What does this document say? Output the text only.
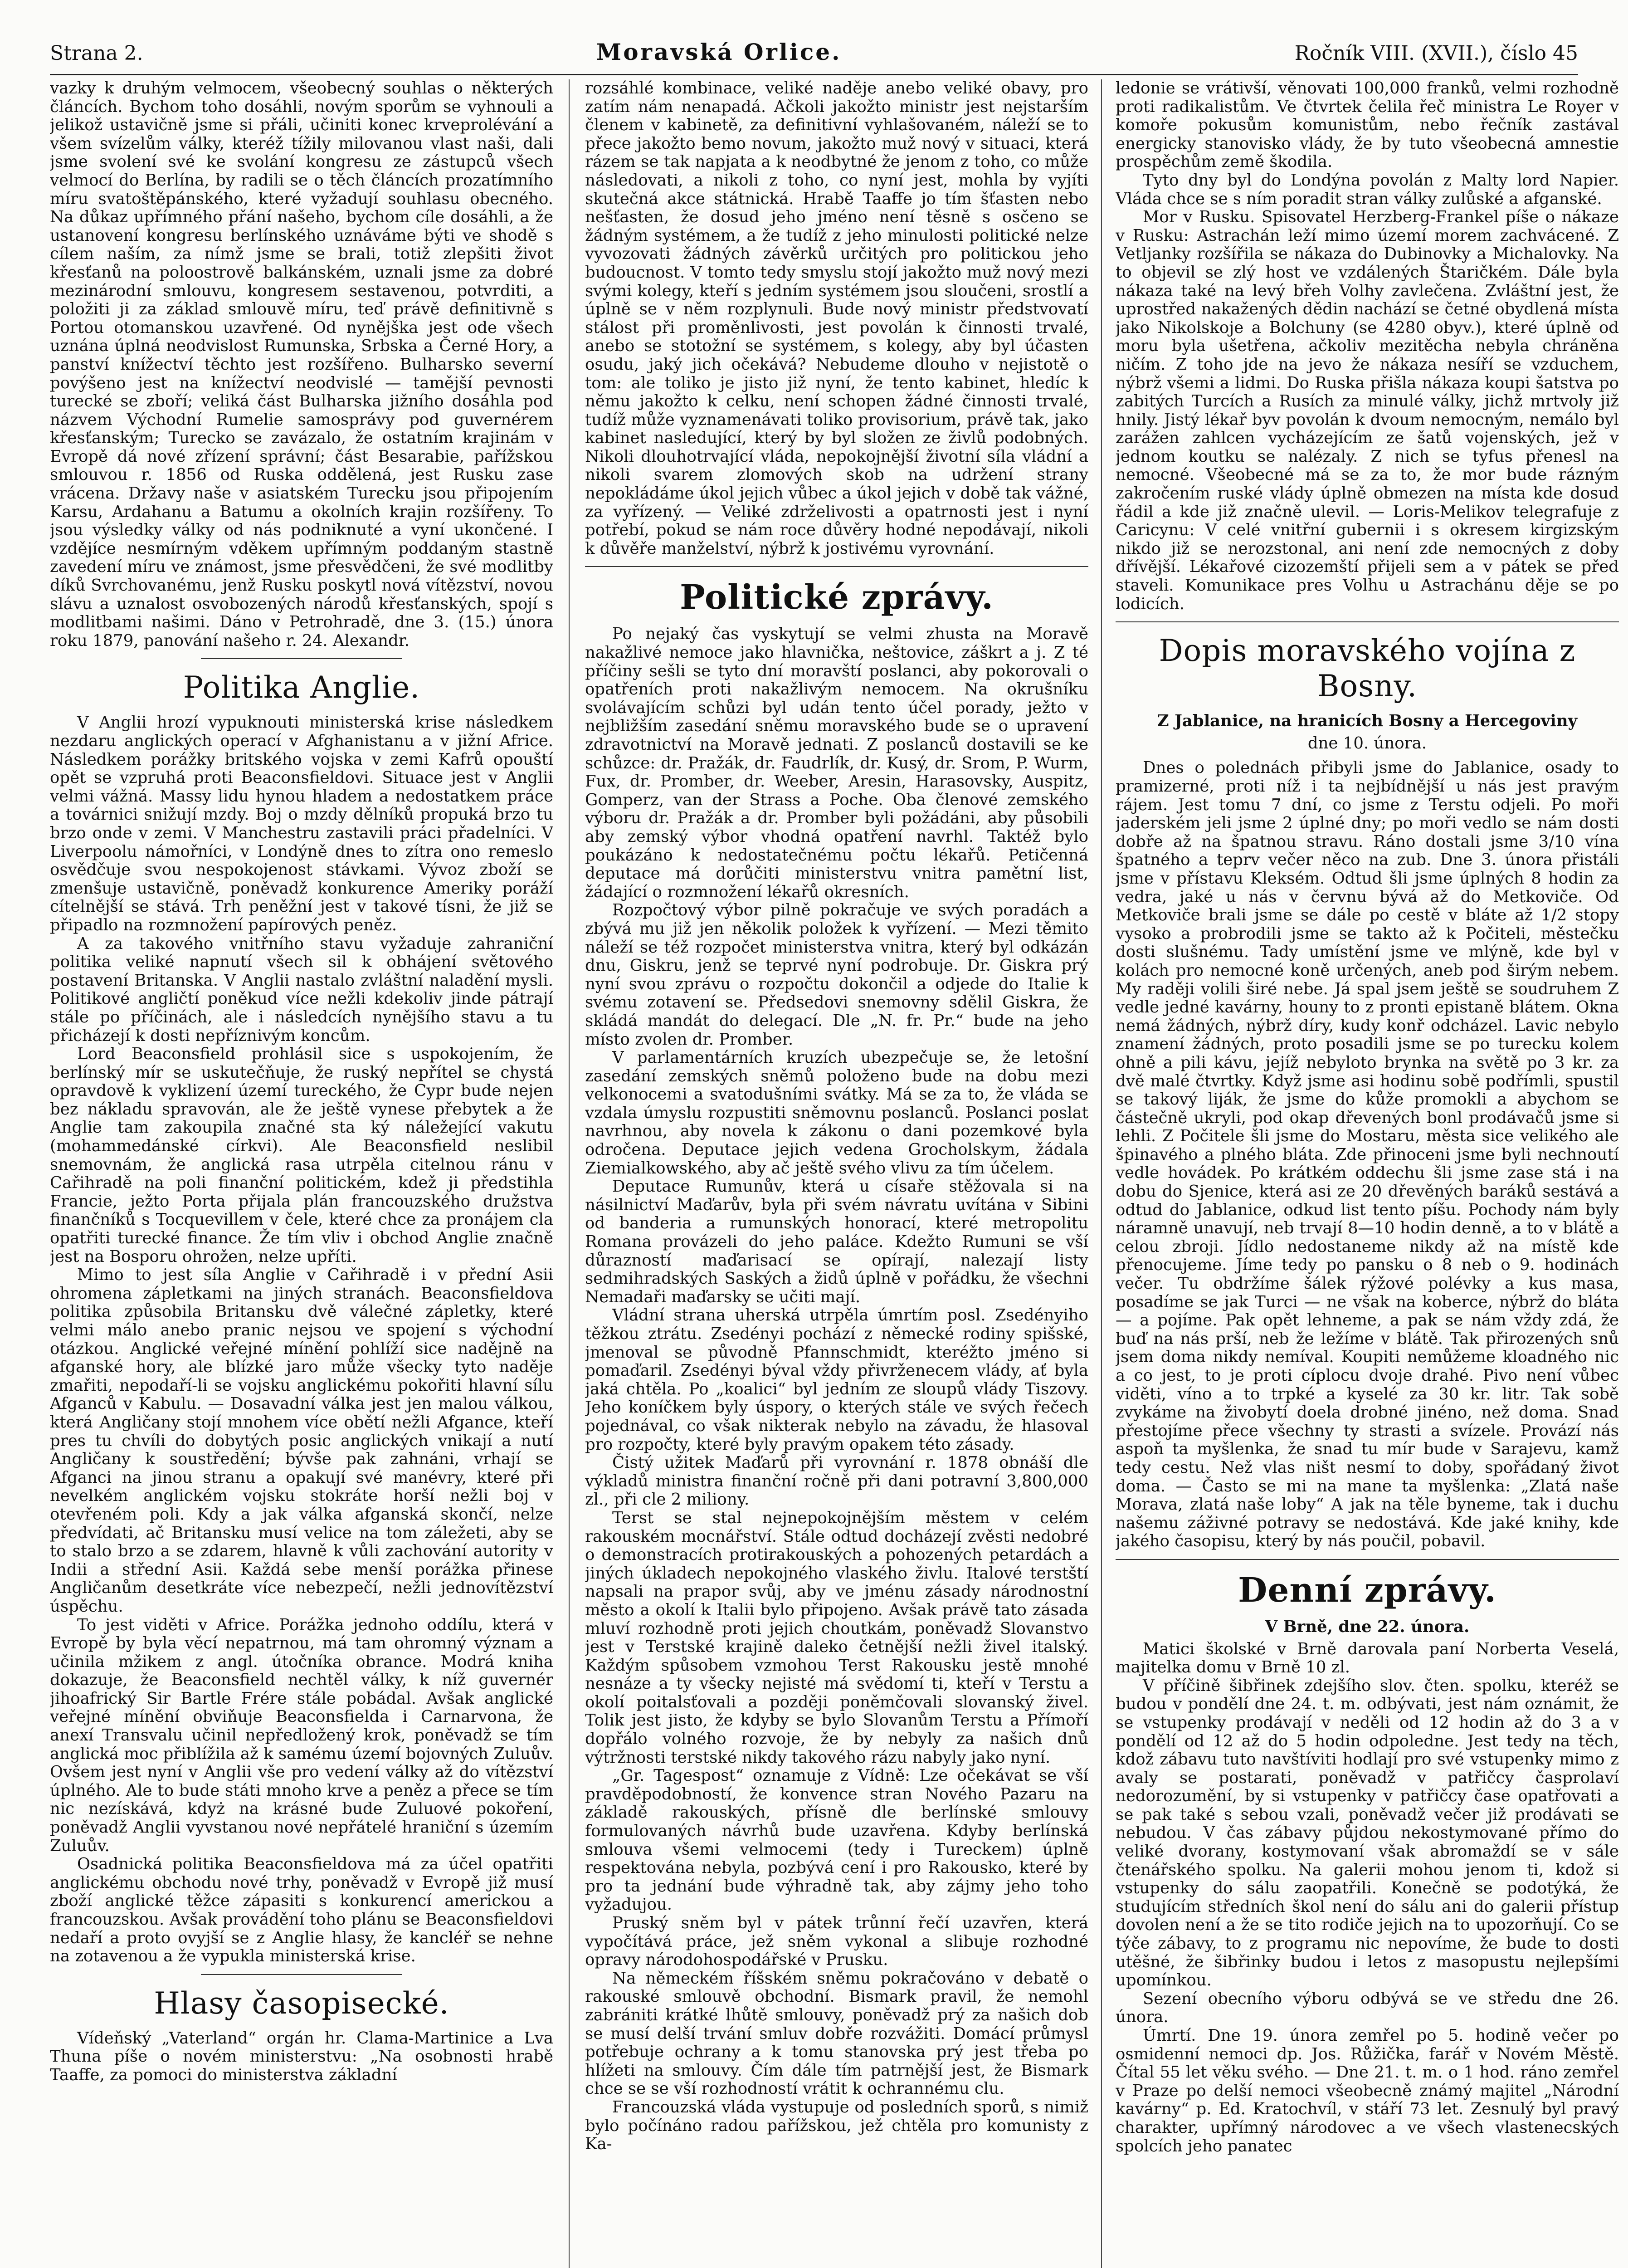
Strana 2.	Moravská Orlice.	Ročník VIII. (XVII.), číslo 45

vazky k druhým velmocem, všeobecný souhlas o některých článcích. Bychom toho dosáhli, novým sporům se vyhnouli a jelikož ustavičně jsme si přáli, učiniti konec krveprolévání a všem svízelům války, kteréž tížily milovanou vlast naši, dali jsme svolení své ke svolání kongresu ze zástupců všech velmocí do Berlína, by radili se o těch článcích prozatímního míru svatoštěpánského, které vyžadují souhlasu obecného. Na důkaz upřímného přání našeho, bychom cíle dosáhli, a že ustanovení kongresu berlínského uznáváme býti ve shodě s cílem naším, za nímž jsme se brali, totiž zlepšiti život křesťanů na poloostrově balkánském, uznali jsme za dobré mezinárodní smlouvu, kongresem sestavenou, potvrditi, a položiti ji za základ smlouvě míru, teď právě definitivně s Portou otomanskou uzavřené. Od nynějška jest ode všech uznána úplná neodvislost Rumunska, Srbska a Černé Hory, a panství knížectví těchto jest rozšířeno. Bulharsko severní povýšeno jest na knížectví neodvislé — tamější pevnosti turecké se zboří; veliká část Bulharska jižního dosáhla pod názvem Východní Rumelie samosprávy pod guvernérem křesťanským; Turecko se zavázalo, že ostatním krajinám v Evropě dá nové zřízení správní; část Besarabie, pařížskou smlouvou r. 1856 od Ruska oddělená, jest Rusku zase vrácena. Državy naše v asiatském Turecku jsou připojením Karsu, Ardahanu a Batumu a okolních krajin rozšířeny. To jsou výsledky války od nás podniknuté a vyní ukončené. I vzdějíce nesmírným vděkem upřímným poddaným stastně zavedení míru ve známost, jsme přesvědčeni, že své modlitby díků Svrchovanému, jenž Rusku poskytl nová vítězství, novou slávu a uznalost osvobozených národů křesťanských, spojí s modlitbami našimi. Dáno v Petrohradě, dne 3. (15.) února roku 1879, panování našeho r. 24. Alexandr.

Politika Anglie.

V Anglii hrozí vypuknouti ministerská krise následkem nezdaru anglických operací v Afghanistanu a v jižní Africe. Následkem porážky britského vojska v zemi Kafrů opouští opět se vzpruhá proti Beaconsfieldovi. Situace jest v Anglii velmi vážná. Massy lidu hynou hladem a nedostatkem práce a továrnici snižují mzdy. Boj o mzdy dělníků propuká brzo tu brzo onde v zemi. V Manchestru zastavili práci přadelníci. V Liverpoolu námořníci, v Londýně dnes to zítra ono remeslo osvědčuje svou nespokojenost stávkami. Vývoz zboží se zmenšuje ustavičně, poněvadž konkurence Ameriky poráží cítelnější se stává. Trh peněžní jest v takové tísni, že již se připadlo na rozmnožení papírových peněz.

A za takového vnitřního stavu vyžaduje zahraniční politika veliké napnutí všech sil k obhájení světového postavení Britanska. V Anglii nastalo zvláštní naladění mysli. Politikové angličtí poněkud více nežli kdekoliv jinde pátrají stále po příčinách, ale i následcích nynějšího stavu a tu přicházejí k dosti nepříznivým koncům.

Lord Beaconsfield prohlásil sice s uspokojením, že berlínský mír se uskutečňuje, že ruský nepřítel se chystá opravdově k vyklizení území tureckého, že Cypr bude nejen bez nákladu spravován, ale že ještě vynese přebytek a že Anglie tam zakoupila značné sta ký náležející vakutu (mohammedánské církvi). Ale Beaconsfield neslibil snemovnám, že anglická rasa utrpěla citelnou ránu v Cařihradě na poli finanční politickém, kdež ji předstihla Francie, ježto Porta přijala plán francouzského družstva finančníků s Tocquevillem v čele, které chce za pronájem cla opatřiti turecké finance. Že tím vliv i obchod Anglie značně jest na Bosporu ohrožen, nelze upříti.

Mimo to jest síla Anglie v Cařihradě i v přední Asii ohromena zápletkami na jiných stranách. Beaconsfieldova politika způsobila Britansku dvě válečné zápletky, které velmi málo anebo pranic nejsou ve spojení s východní otázkou. Anglické veřejné mínění pohlíží sice nadějně na afganské hory, ale blízké jaro může všecky tyto naděje zmařiti, nepodaří-li se vojsku anglickému pokořiti hlavní sílu Afganců v Kabulu. — Dosavadní válka jest jen malou válkou, která Angličany stojí mnohem více obětí nežli Afgance, kteří pres tu chvíli do dobytých posic anglických vnikají a nutí Angličany k soustředění; bývše pak zahnáni, vrhají se Afganci na jinou stranu a opakují své manévry, které při nevelkém anglickém vojsku stokráte horší nežli boj v otevřeném poli. Kdy a jak válka afganská skončí, nelze předvídati, ač Britansku musí velice na tom záležeti, aby se to stalo brzo a se zdarem, hlavně k vůli zachování autority v Indii a střední Asii. Každá sebe menší porážka přinese Angličanům desetkráte více nebezpečí, nežli jednovítězství úspěchu.

To jest viděti v Africe. Porážka jednoho oddílu, která v Evropě by byla věcí nepatrnou, má tam ohromný význam a učinila mžikem z angl. útočníka obrance. Modrá kniha dokazuje, že Beaconsfield nechtěl války, k níž guvernér jihoafrický Sir Bartle Frére stále pobádal. Avšak anglické veřejné mínění obviňuje Beaconsfielda i Carnarvona, že anexí Transvalu učinil nepředložený krok, poněvadž se tím anglická moc přiblížila až k samému území bojovných Zuluův. Ovšem jest nyní v Anglii vše pro vedení války až do vítězství úplného. Ale to bude státi mnoho krve a peněz a přece se tím nic nezískává, kdyż na krásné bude Zuluové pokoření, poněvadž Anglii vyvstanou nové nepřátelé hraniční s územím Zuluův.

Osadnická politika Beaconsfieldova má za účel opatřiti anglickému obchodu nové trhy, poněvadž v Evropě již musí zboží anglické těžce zápasiti s konkurencí americkou a francouzskou. Avšak provádění toho plánu se Beaconsfieldovi nedaří a proto ovyjší se z Anglie hlasy, že kancléř se nehne na zotavenou a že vypukla ministerská krise.

Hlasy časopisecké.

Vídeňský „Vaterland“ orgán hr. Clama-Martinice a Lva Thuna píše o novém ministerstvu: „Na osobnosti hrabě Taaffe, za pomoci do ministerstva základní

rozsáhlé kombinace, veliké naděje anebo veliké obavy, pro zatím nám nenapadá. Ačkoli jakožto ministr jest nejstarším členem v kabinetě, za definitivní vyhlašovaném, náleží se to přece jakožto bemo novum, jakožto muž nový v situaci, která rázem se tak napjata a k neodbytné že jenom z toho, co může následovati, a nikoli z toho, co nyní jest, mohla by vyjíti skutečná akce státnická. Hrabě Taaffe jo tím šťasten nebo nešťasten, že dosud jeho jméno není těsně s osčeno se žádným systémem, a že tudíž z jeho minulosti politické nelze vyvozovati žádných závěrků určitých pro politickou jeho budoucnost. V tomto tedy smyslu stojí jakožto muž nový mezi svými kolegy, kteří s jedním systémem jsou sloučeni, srostlí a úplně se v něm rozplynuli. Bude nový ministr předstvovatí stálost při proměnlivosti, jest povolán k činnosti trvalé, anebo se stotožní se systémem, s kolegy, aby byl účasten osudu, jaký jich očekává? Nebudeme dlouho v nejistotě o tom: ale toliko je jisto již nyní, že tento kabinet, hledíc k němu jakožto k celku, není schopen žádné činnosti trvalé, tudíž může vyznamenávati toliko provisorium, právě tak, jako kabinet nasledující, který by byl složen ze živlů podobných. Nikoli dlouhotrvající vláda, nepokojnější životní síla vládní a nikoli svarem zlomových skob na udržení strany nepokládáme úkol jejich vůbec a úkol jejich v době tak vážné, za vyřízený. — Veliké zdrželivosti a opatrnosti jest i nyní potřebí, pokud se nám roce důvěry hodné nepodávají, nikoli k důvěře manželství, nýbrž k jostivému vyrovnání.

Politické zprávy.

Po nejaký čas vyskytují se velmi zhusta na Moravě nakažlivé nemoce jako hlavnička, neštovice, záškrt a j. Z té příčiny sešli se tyto dní moravští poslanci, aby pokorovali o opatřeních proti nakažlivým nemocem. Na okrušníku svolávajícím schůzi byl udán tento účel porady, ježto v nejbližším zasedání sněmu moravského bude se o upravení zdravotnictví na Moravě jednati. Z poslanců dostavili se ke schůzce: dr. Pražák, dr. Faudrlík, dr. Kusý, dr. Srom, P. Wurm, Fux, dr. Promber, dr. Weeber, Aresin, Harasovsky, Auspitz, Gomperz, van der Strass a Poche. Oba členové zemského výboru dr. Pražák a dr. Promber byli požádáni, aby působili aby zemský výbor vhodná opatření navrhl. Taktéž bylo poukázáno k nedostatečnému počtu lékařů. Petičenná deputace má dorůčiti ministerstvu vnitra pamětní list, žádající o rozmnožení lékařů okresních.

Rozpočtový výbor pilně pokračuje ve svých poradách a zbývá mu již jen několik položek k vyřízení. — Mezi těmito náleží se též rozpočet ministerstva vnitra, který byl odkázán dnu, Giskru, jenž se teprvé nyní podrobuje. Dr. Giskra prý nyní svou zprávu o rozpočtu dokončil a odjede do Italie k svému zotavení se. Předsedovi snemovny sdělil Giskra, že skládá mandát do delegací. Dle „N. fr. Pr.“ bude na jeho místo zvolen dr. Promber.

V parlamentárních kruzích ubezpečuje se, že letošní zasedání zemských sněmů položeno bude na dobu mezi velkonocemi a svatodušními svátky. Má se za to, že vláda se vzdala úmyslu rozpustiti sněmovnu poslanců. Poslanci poslat navrhnou, aby novela k zákonu o dani pozemkové byla odročena. Deputace jejich vedena Grocholskym, žádala Ziemialkowského, aby ač ještě svého vlivu za tím účelem.

Deputace Rumunův, která u císaře stěžovala si na násilnictví Maďarův, byla při svém návratu uvítána v Sibini od banderia a rumunských honorací, které metropolitu Romana provázeli do jeho paláce. Kdežto Rumuni se vší důrazností maďarisací se opírají, nalezají listy sedmihradských Saských a židů úplně v pořádku, že všechni Nemadaři maďarsky se učiti mají.

Vládní strana uherská utrpěla úmrtím posl. Zsedényiho těžkou ztrátu. Zsedényi pochází z německé rodiny spišské, jmenoval se původně Pfannschmidt, kteréžto jméno si pomaďaril. Zsedényi býval vždy přivrženecem vlády, ať byla jaká chtěla. Po „koalici“ byl jedním ze sloupů vlády Tiszovy. Jeho koníčkem byly úspory, o kterých stále ve svých řečech pojednával, co však nikterak nebylo na závadu, že hlasoval pro rozpočty, které byly pravým opakem této zásady.

Čistý užitek Maďarů při vyrovnání r. 1878 obnáší dle výkladů ministra finanční ročně při dani potravní 3,800,000 zl., při cle 2 miliony.

Terst se stal nejnepokojnějším městem v celém rakouském mocnářství. Stále odtud docházejí zvěsti nedobré o demonstracích protirakouských a pohozených petardách a jiných úkladech nepokojného vlaského živlu. Italové terstští napsali na prapor svůj, aby ve jménu zásady národnostní město a okolí k Italii bylo připojeno. Avšak právě tato zásada mluví rozhodně proti jejich choutkám, poněvadž Slovanstvo jest v Terstské krajině daleko četnější nežli živel italský. Každým spůsobem vzmohou Terst Rakousku jestě mnohé nesnáze a ty všecky nejisté má svědomí ti, kteří v Terstu a okolí poitalsťovali a později poněmčovali slovanský živel. Tolik jest jisto, že kdyby se bylo Slovanům Terstu a Přímoří dopřálo volného rozvoje, že by nebyly za našich dnů výtržnosti terstské nikdy takového rázu nabyly jako nyní.

„Gr. Tagespost“ oznamuje z Vídně: Lze očekávat se vší pravděpodobností, že konvence stran Nového Pazaru na základě rakouských, přísně dle berlínské smlouvy formulovaných návrhů bude uzavřena. Kdyby berlínská smlouva všemi velmocemi (tedy i Tureckem) úplně respektována nebyla, pozbývá cení i pro Rakousko, které by pro ta jednání bude výhradně tak, aby zájmy jeho toho vyžadujou.

Pruský sněm byl v pátek trůnní řečí uzavřen, která vypočítává práce, jež sněm vykonal a slibuje rozhodné opravy národohospodářské v Prusku.

Na německém říšském sněmu pokračováno v debatě o rakouské smlouvě obchodní. Bismark pravil, že nemohl zabrániti krátké lhůtě smlouvy, poněvadž prý za našich dob se musí delší trvání smluv dobře rozvážiti. Domácí průmysl potřebuje ochrany a k tomu stanovska prý jest třeba po hlížeti na smlouvy. Čím dále tím patrnější jest, že Bismark chce se se vší rozhodností vrátit k ochrannému clu.

Francouzská vláda vystupuje od posledních sporů, s nimiž bylo počínáno radou pařížskou, jež chtěla pro komunisty z Ka-

ledonie se vrátivší, věnovati 100,000 franků, velmi rozhodně proti radikalistům. Ve čtvrtek čelila řeč ministra Le Royer v komoře pokusům komunistům, nebo řečník zastával energicky stanovisko vlády, že by tuto všeobecná amnestie prospěchům země škodila.

Tyto dny byl do Londýna povolán z Malty lord Napier. Vláda chce se s ním poradit stran války zulůské a afganské.

Mor v Rusku. Spisovatel Herzberg-Frankel píše o nákaze v Rusku: Astrachán leží mimo území morem zachvácené. Z Vetljanky rozšířila se nákaza do Dubinovky a Michalovky. Na to objevil se zlý host ve vzdálených Štaričkém. Dále byla nákaza také na levý břeh Volhy zavlečena. Zvláštní jest, že uprostřed nakažených dědin nachází se četné obydlená místa jako Nikolskoje a Bolchuny (se 4280 obyv.), které úplně od moru byla ušetřena, ačkoliv mezitěcha nebyla chráněna ničím. Z toho jde na jevo že nákaza nesíří se vzduchem, nýbrž všemi a lidmi. Do Ruska přišla nákaza koupi šatstva po zabitých Turcích a Rusích za minulé války, jichž mrtvoly již hnily. Jistý lékař byv povolán k dvoum nemocným, nemálo byl zarážen zahlcen vycházejícím ze šatů vojenských, jež v jednom koutku se nalézaly. Z nich se tyfus přenesl na nemocné. Všeobecné má se za to, že mor bude rázným zakročením ruské vlády úplně obmezen na místa kde dosud řádil a kde již značně ulevil. — Loris-Melikov telegrafuje z Caricynu: V celé vnitřní gubernii i s okresem kirgizským nikdo již se nerozstonal, ani není zde nemocných z doby dřívější. Lékařové cizozemští přijeli sem a v pátek se před staveli. Komunikace pres Volhu u Astrachánu děje se po lodicích.

Dopis moravského vojína z Bosny.
Z Jablanice, na hranicích Bosny a Hercegoviny
dne 10. února.

Dnes o polednách přibyli jsme do Jablanice, osady to pramizerné, proti níž i ta nejbídnější u nás jest pravým rájem. Jest tomu 7 dní, co jsme z Terstu odjeli. Po moři jaderském jeli jsme 2 úplné dny; po moři vedlo se nám dosti dobře až na špatnou stravu. Ráno dostali jsme 3/10 vína špatného a teprv večer něco na zub. Dne 3. února přistáli jsme v přístavu Kleksém. Odtud šli jsme úplných 8 hodin za vedra, jaké u nás v červnu bývá až do Metkoviče. Od Metkoviče brali jsme se dále po cestě v bláte až 1/2 stopy vysoko a probrodili jsme se takto až k Počiteli, městečku dosti slušnému. Tady umístění jsme ve mlýně, kde byl v kolách pro nemocné koně určených, aneb pod širým nebem. My raději volili širé nebe. Já spal jsem ještě se soudruhem Z vedle jedné kavárny, houny to z pronti epistaně blátem. Okna nemá žádných, nýbrž díry, kudy konř odcházel. Lavic nebylo znamení žádných, proto posadili jsme se po turecku kolem ohně a pili kávu, jejíž nebyloto brynka na světě po 3 kr. za dvě malé čtvrtky. Když jsme asi hodinu sobě podřímli, spustil se takový liják, že jsme do kůže promokli a abychom se částečně ukryli, pod okap dřevených bonl prodávačů jsme si lehli. Z Počitele šli jsme do Mostaru, města sice velikého ale špinavého a plného bláta. Zde přinoceni jsme byli nechnoutí vedle hovádek. Po krátkém oddechu šli jsme zase stá i na dobu do Sjenice, která asi ze 20 dřevěných baráků sestává a odtud do Jablanice, odkud list tento píšu. Pochody nám byly náramně unavují, neb trvají 8—10 hodin denně, a to v blátě a celou zbroji. Jídlo nedostaneme nikdy až na místě kde přenocujeme. Jíme tedy po pansku o 8 neb o 9. hodinách večer. Tu obdržíme šálek rýžové polévky a kus masa, posadíme se jak Turci — ne však na koberce, nýbrž do bláta — a pojíme. Pak opět lehneme, a pak se nám vždy zdá, že buď na nás prší, neb že ležíme v blátě. Tak přirozených snů jsem doma nikdy nemíval. Koupiti nemůžeme kloadného nic a co jest, to je proti cíplocu dvoje drahé. Pivo není vůbec viděti, víno a to trpké a kyselé za 30 kr. litr. Tak sobě zvykáme na živobytí doela drobné jinéno, než doma. Snad přestojíme přece všechny ty strasti a svízele. Provází nás aspoň ta myšlenka, že snad tu mír bude v Sarajevu, kamž tedy cestu. Než vlas ništ nesmí to doby, spořádaný život doma. — Často se mi na mane ta myšlenka: „Zlatá naše Morava, zlatá naše loby“ A jak na těle byneme, tak i duchu našemu záživné potravy se nedostává. Kde jaké knihy, kde jakého časopisu, který by nás poučil, pobavil.

Denní zprávy.
V Brně, dne 22. února.

Matici školské v Brně darovala paní Norberta Veselá, majitelka domu v Brně 10 zl.

V příčině šibřinek zdejšího slov. čten. spolku, kteréž se budou v pondělí dne 24. t. m. odbývati, jest nám oznámit, že se vstupenky prodávají v neděli od 12 hodin až do 3 a v pondělí od 12 až do 5 hodin odpoledne. Jest tedy na těch, kdož zábavu tuto navštíviti hodlají pro své vstupenky mimo z avaly se postarati, poněvadž v patřičcy časprolaví nedorozumění, by si vstupenky v patřičcy čase opatřovati a se pak také s sebou vzali, poněvadž večer již prodávati se nebudou. V čas zábavy půjdou nekostymované přímo do veliké dvorany, kostymovaní však abromaždí se v sále čtenářského spolku. Na galerii mohou jenom ti, kdož si vstupenky do sálu zaopatřili. Konečně se podotýká, že studujícím středních škol není do sálu ani do galerii přístup dovolen není a že se tito rodiče jejich na to upozorňují. Co se týče zábavy, to z programu nic nepovíme, že bude to dosti utěšné, že šibřinky budou i letos z masopustu nejlepšími upomínkou.

Sezení obecního výboru odbývá se ve středu dne 26. února.

Úmrtí. Dne 19. února zemřel po 5. hodině večer po osmidenní nemoci dp. Jos. Růžička, farář v Novém Městě. Čítal 55 let věku svého. — Dne 21. t. m. o 1 hod. ráno zemřel v Praze po delší nemoci všeobecně známý majitel „Národní kavárny“ p. Ed. Kratochvíl, v stáří 73 let. Zesnulý byl pravý charakter, upřímný národovec a ve všech vlastenecských spolcích jeho panatec
